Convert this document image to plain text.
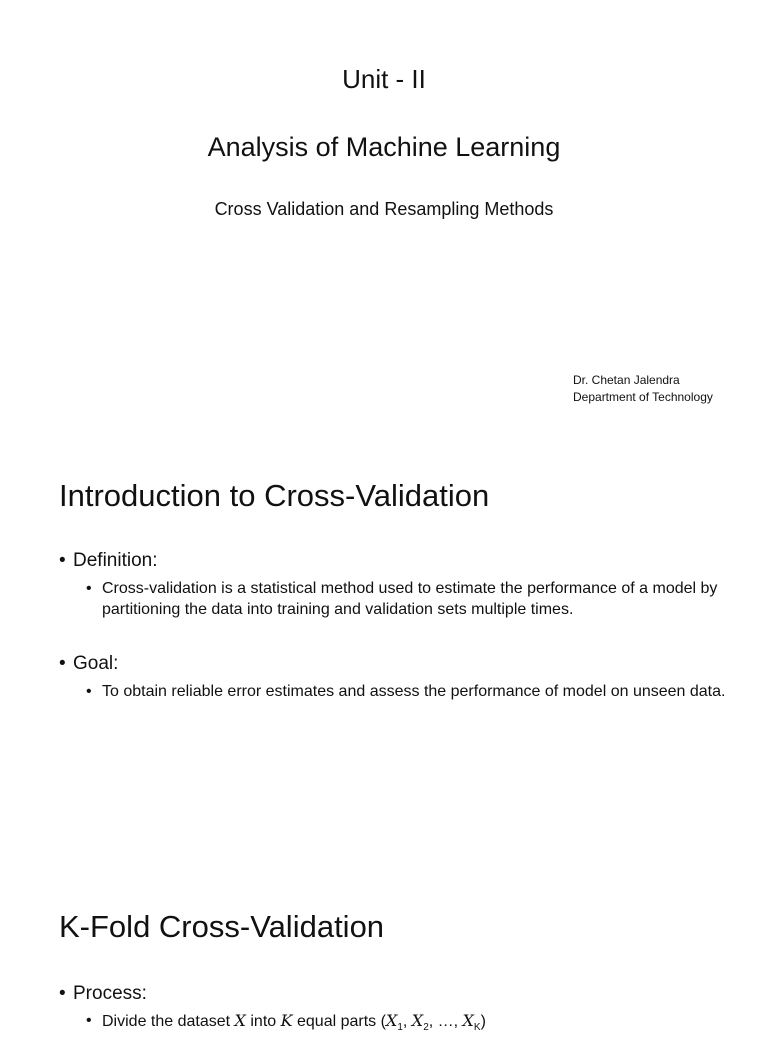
Unit - II
Analysis of Machine Learning
Cross Validation and Resampling Methods
Dr. Chetan Jalendra
Department of Technology
Introduction to Cross-Validation
• Definition:
• Cross-validation is a statistical method used to estimate the performance of a model by partitioning the data into training and validation sets multiple times.
• Goal:
• To obtain reliable error estimates and assess the performance of model on unseen data.
K-Fold Cross-Validation
• Process:
• Divide the dataset X into K equal parts ($X_1$, $X_2$, …, $X_K$)
